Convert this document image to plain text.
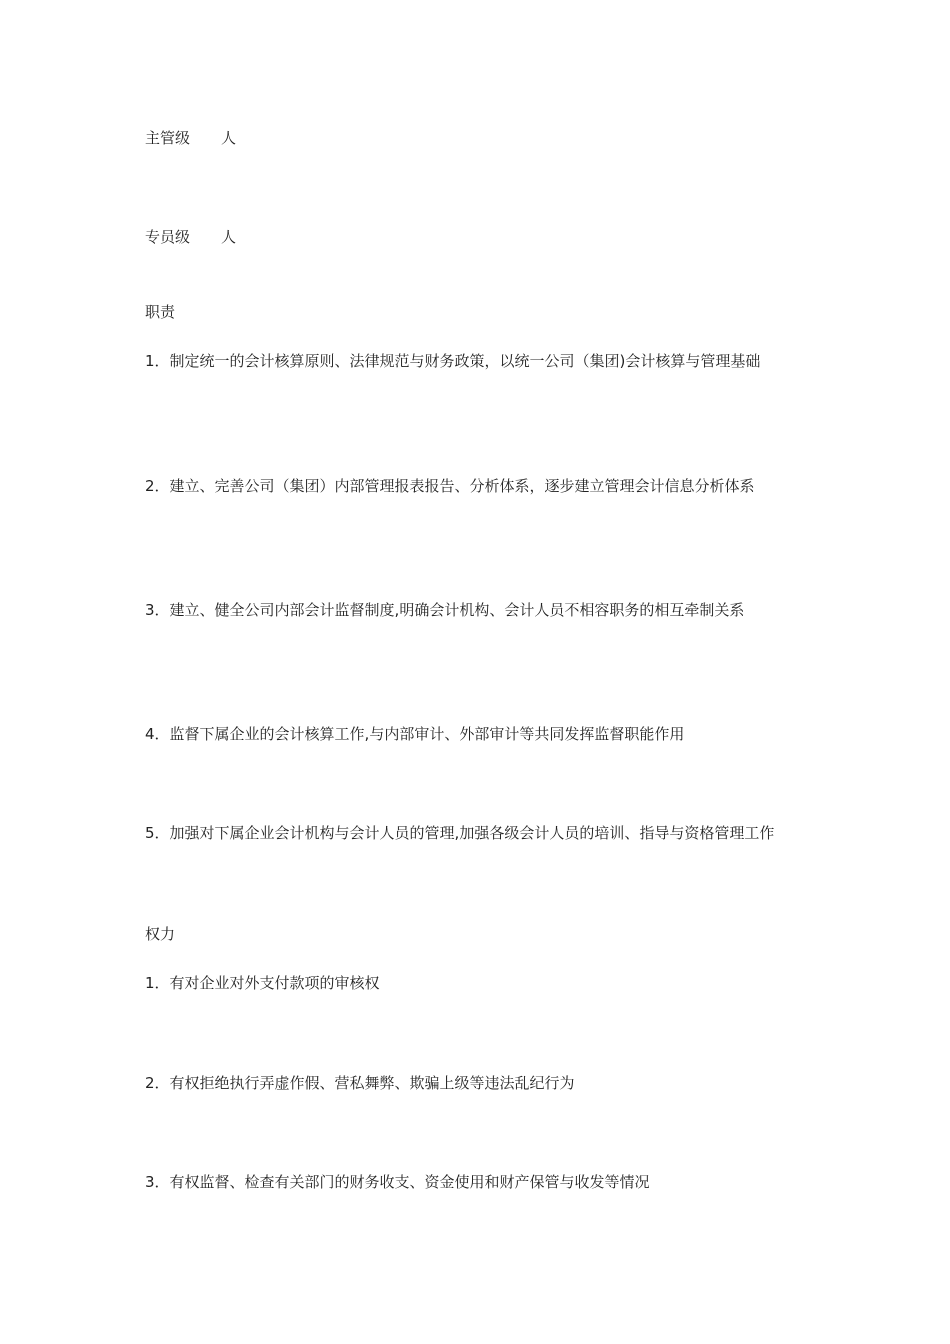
主管级 人
专员级 人
职责
1．制定统一的会计核算原则、法律规范与财务政策，以统一公司（集团)会计核算与管理基础
2．建立、完善公司（集团）内部管理报表报告、分析体系，逐步建立管理会计信息分析体系
3．建立、健全公司内部会计监督制度,明确会计机构、会计人员不相容职务的相互牵制关系
4．监督下属企业的会计核算工作,与内部审计、外部审计等共同发挥监督职能作用
5．加强对下属企业会计机构与会计人员的管理,加强各级会计人员的培训、指导与资格管理工作
权力
1．有对企业对外支付款项的审核权
2．有权拒绝执行弄虚作假、营私舞弊、欺骗上级等违法乱纪行为
3．有权监督、检查有关部门的财务收支、资金使用和财产保管与收发等情况
